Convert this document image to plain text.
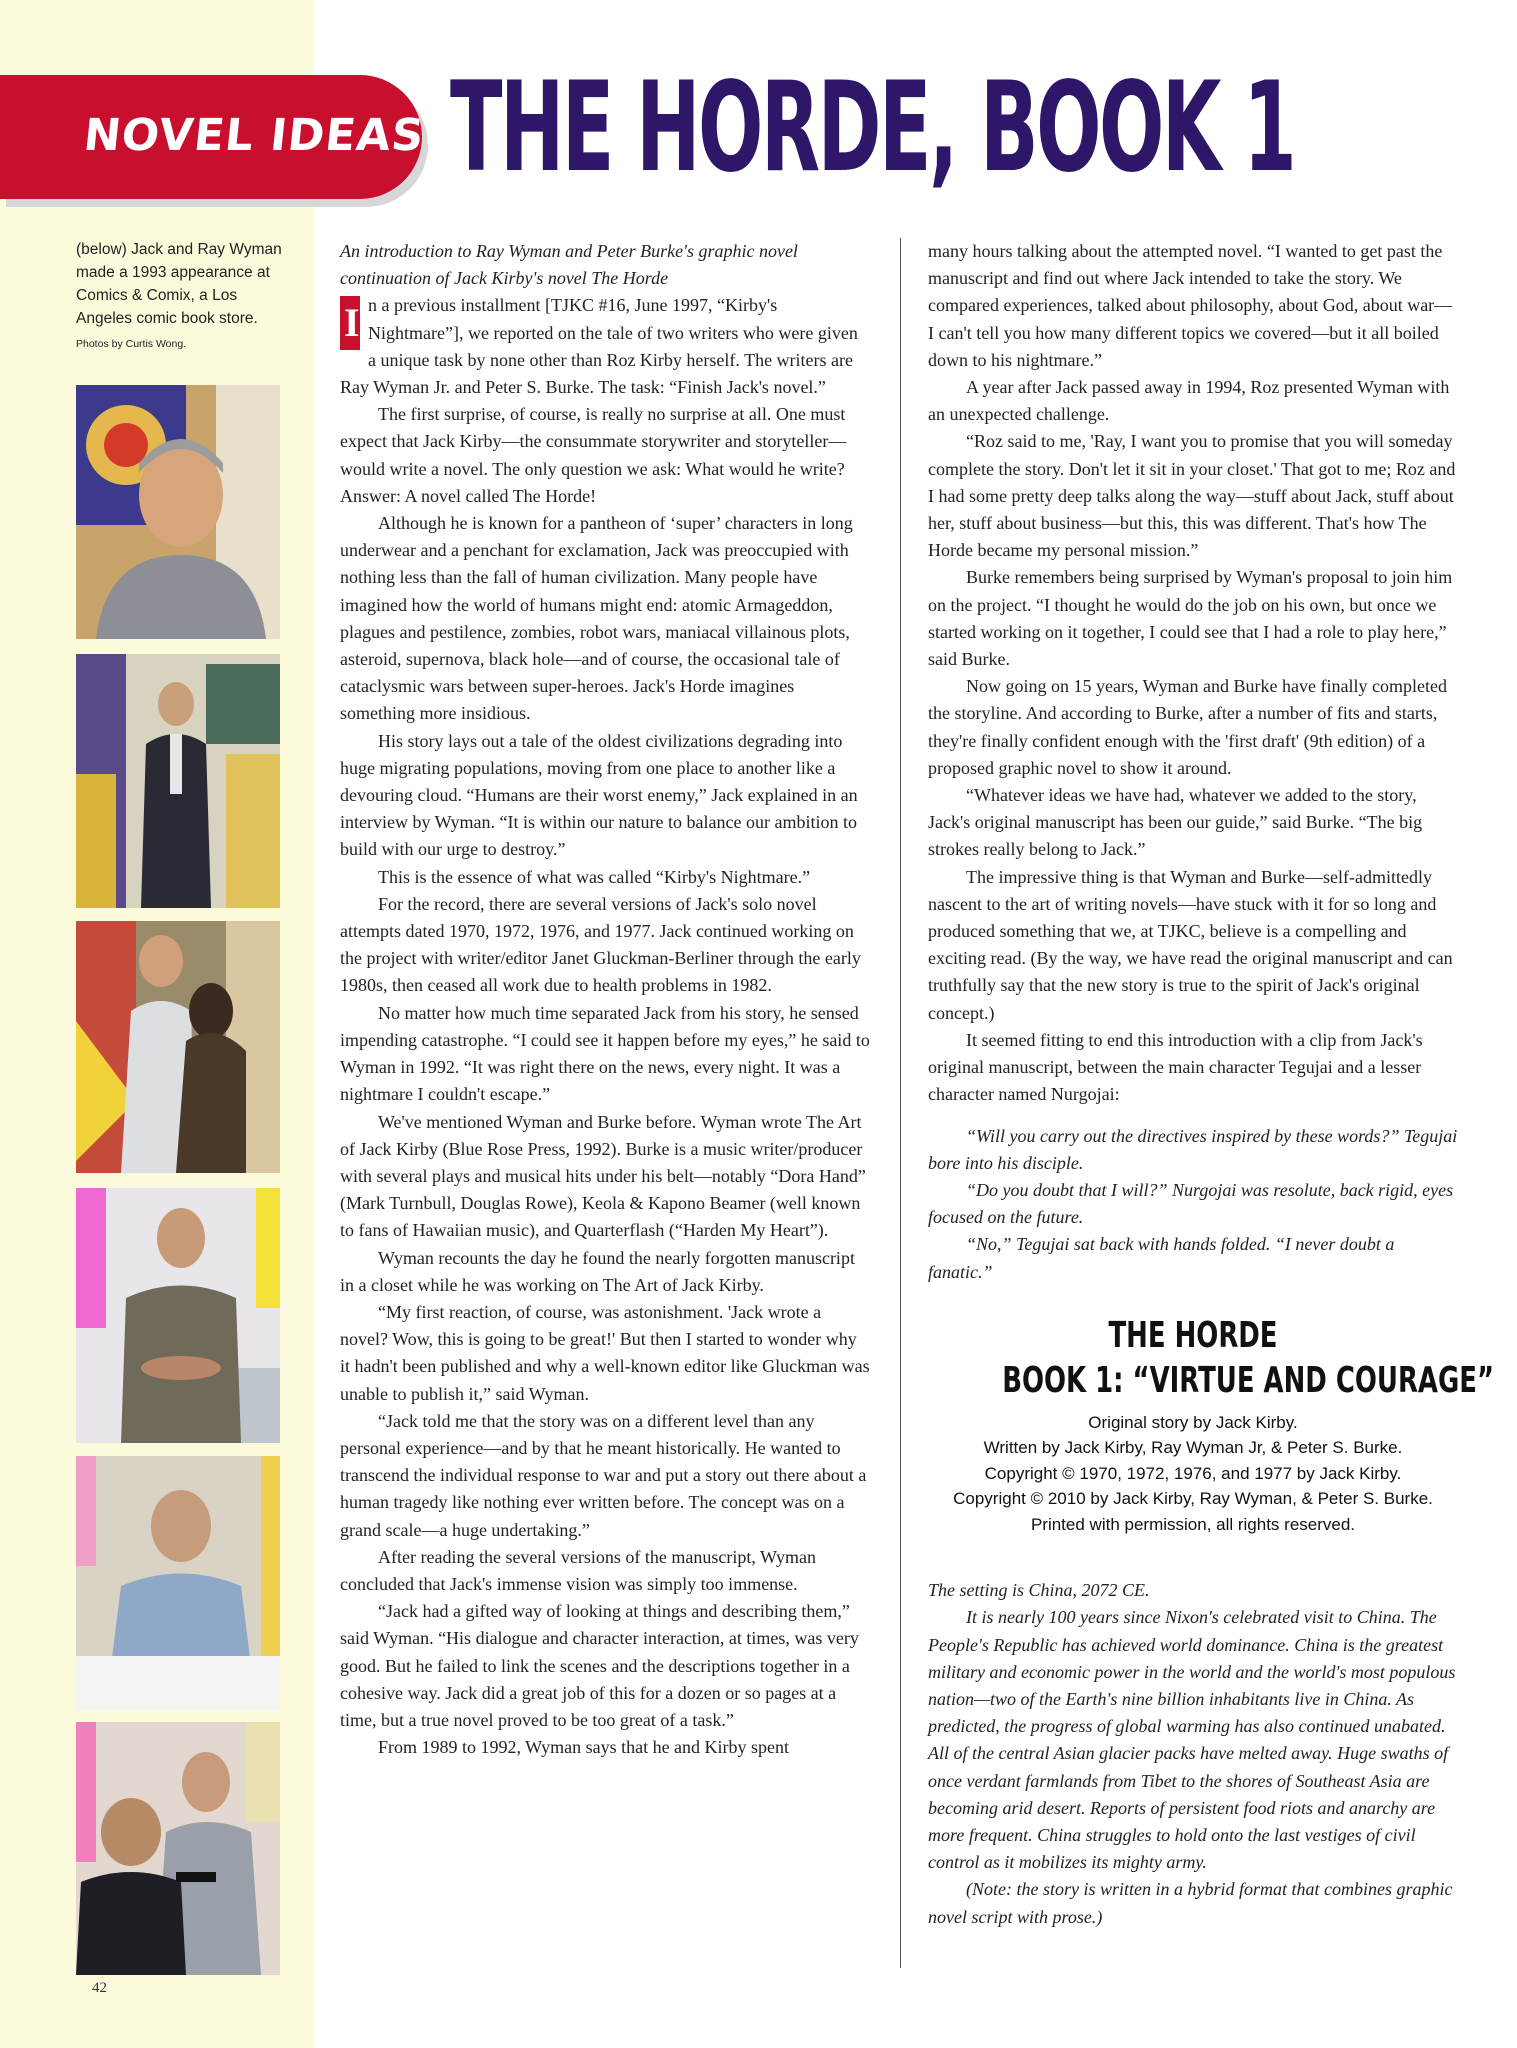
NOVEL IDEAS THE HORDE, BOOK 1
(below) Jack and Ray Wyman made a 1993 appearance at Comics & Comix, a Los Angeles comic book store.
Photos by Curtis Wong.

An introduction to Ray Wyman and Peter Burke's graphic novel continuation of Jack Kirby's novel The Horde

I n a previous installment [TJKC #16, June 1997, “Kirby's Nightmare”], we reported on the tale of two writers who were given a unique task by none other than Roz Kirby herself. The writers are Ray Wyman Jr. and Peter S. Burke. The task: “Finish Jack's novel.”

The first surprise, of course, is really no surprise at all. One must expect that Jack Kirby—the consummate storywriter and storyteller—would write a novel. The only question we ask: What would he write? Answer: A novel called The Horde!

Although he is known for a pantheon of ‘super’ characters in long underwear and a penchant for exclamation, Jack was preoccupied with nothing less than the fall of human civilization. Many people have imagined how the world of humans might end: atomic Armageddon, plagues and pestilence, zombies, robot wars, maniacal villainous plots, asteroid, supernova, black hole—and of course, the occasional tale of cataclysmic wars between super-heroes. Jack's Horde imagines something more insidious.

His story lays out a tale of the oldest civilizations degrading into huge migrating populations, moving from one place to another like a devouring cloud. “Humans are their worst enemy,” Jack explained in an interview by Wyman. “It is within our nature to balance our ambition to build with our urge to destroy.”

This is the essence of what was called “Kirby's Nightmare.”

For the record, there are several versions of Jack's solo novel attempts dated 1970, 1972, 1976, and 1977. Jack continued working on the project with writer/editor Janet Gluckman-Berliner through the early 1980s, then ceased all work due to health problems in 1982.

No matter how much time separated Jack from his story, he sensed impending catastrophe. “I could see it happen before my eyes,” he said to Wyman in 1992. “It was right there on the news, every night. It was a nightmare I couldn't escape.”

We've mentioned Wyman and Burke before. Wyman wrote The Art of Jack Kirby (Blue Rose Press, 1992). Burke is a music writer/producer with several plays and musical hits under his belt—notably “Dora Hand” (Mark Turnbull, Douglas Rowe), Keola & Kapono Beamer (well known to fans of Hawaiian music), and Quarterflash (“Harden My Heart”).

Wyman recounts the day he found the nearly forgotten manuscript in a closet while he was working on The Art of Jack Kirby.

“My first reaction, of course, was astonishment. 'Jack wrote a novel? Wow, this is going to be great!' But then I started to wonder why it hadn't been published and why a well-known editor like Gluckman was unable to publish it,” said Wyman.

“Jack told me that the story was on a different level than any personal experience—and by that he meant historically. He wanted to transcend the individual response to war and put a story out there about a human tragedy like nothing ever written before. The concept was on a grand scale—a huge undertaking.”

After reading the several versions of the manuscript, Wyman concluded that Jack's immense vision was simply too immense.

“Jack had a gifted way of looking at things and describing them,” said Wyman. “His dialogue and character interaction, at times, was very good. But he failed to link the scenes and the descriptions together in a cohesive way. Jack did a great job of this for a dozen or so pages at a time, but a true novel proved to be too great of a task.”

From 1989 to 1992, Wyman says that he and Kirby spent

many hours talking about the attempted novel. “I wanted to get past the manuscript and find out where Jack intended to take the story. We compared experiences, talked about philosophy, about God, about war—I can't tell you how many different topics we covered—but it all boiled down to his nightmare.”

A year after Jack passed away in 1994, Roz presented Wyman with an unexpected challenge.

“Roz said to me, 'Ray, I want you to promise that you will someday complete the story. Don't let it sit in your closet.' That got to me; Roz and I had some pretty deep talks along the way—stuff about Jack, stuff about her, stuff about business—but this, this was different. That's how The Horde became my personal mission.”

Burke remembers being surprised by Wyman's proposal to join him on the project. “I thought he would do the job on his own, but once we started working on it together, I could see that I had a role to play here,” said Burke.

Now going on 15 years, Wyman and Burke have finally completed the storyline. And according to Burke, after a number of fits and starts, they're finally confident enough with the 'first draft' (9th edition) of a proposed graphic novel to show it around.

“Whatever ideas we have had, whatever we added to the story, Jack's original manuscript has been our guide,” said Burke. “The big strokes really belong to Jack.”

The impressive thing is that Wyman and Burke—self-admittedly nascent to the art of writing novels—have stuck with it for so long and produced something that we, at TJKC, believe is a compelling and exciting read. (By the way, we have read the original manuscript and can truthfully say that the new story is true to the spirit of Jack's original concept.)

It seemed fitting to end this introduction with a clip from Jack's original manuscript, between the main character Tegujai and a lesser character named Nurgojai:

“Will you carry out the directives inspired by these words?” Tegujai bore into his disciple.

“Do you doubt that I will?” Nurgojai was resolute, back rigid, eyes focused on the future.

“No,” Tegujai sat back with hands folded. “I never doubt a fanatic.”

THE HORDE
BOOK 1: “VIRTUE AND COURAGE”
Original story by Jack Kirby.
Written by Jack Kirby, Ray Wyman Jr, & Peter S. Burke.
Copyright © 1970, 1972, 1976, and 1977 by Jack Kirby.
Copyright © 2010 by Jack Kirby, Ray Wyman, & Peter S. Burke.
Printed with permission, all rights reserved.

The setting is China, 2072 CE.

It is nearly 100 years since Nixon's celebrated visit to China. The People's Republic has achieved world dominance. China is the greatest military and economic power in the world and the world's most populous nation—two of the Earth's nine billion inhabitants live in China. As predicted, the progress of global warming has also continued unabated. All of the central Asian glacier packs have melted away. Huge swaths of once verdant farmlands from Tibet to the shores of Southeast Asia are becoming arid desert. Reports of persistent food riots and anarchy are more frequent. China struggles to hold onto the last vestiges of civil control as it mobilizes its mighty army.

(Note: the story is written in a hybrid format that combines graphic novel script with prose.)

42
